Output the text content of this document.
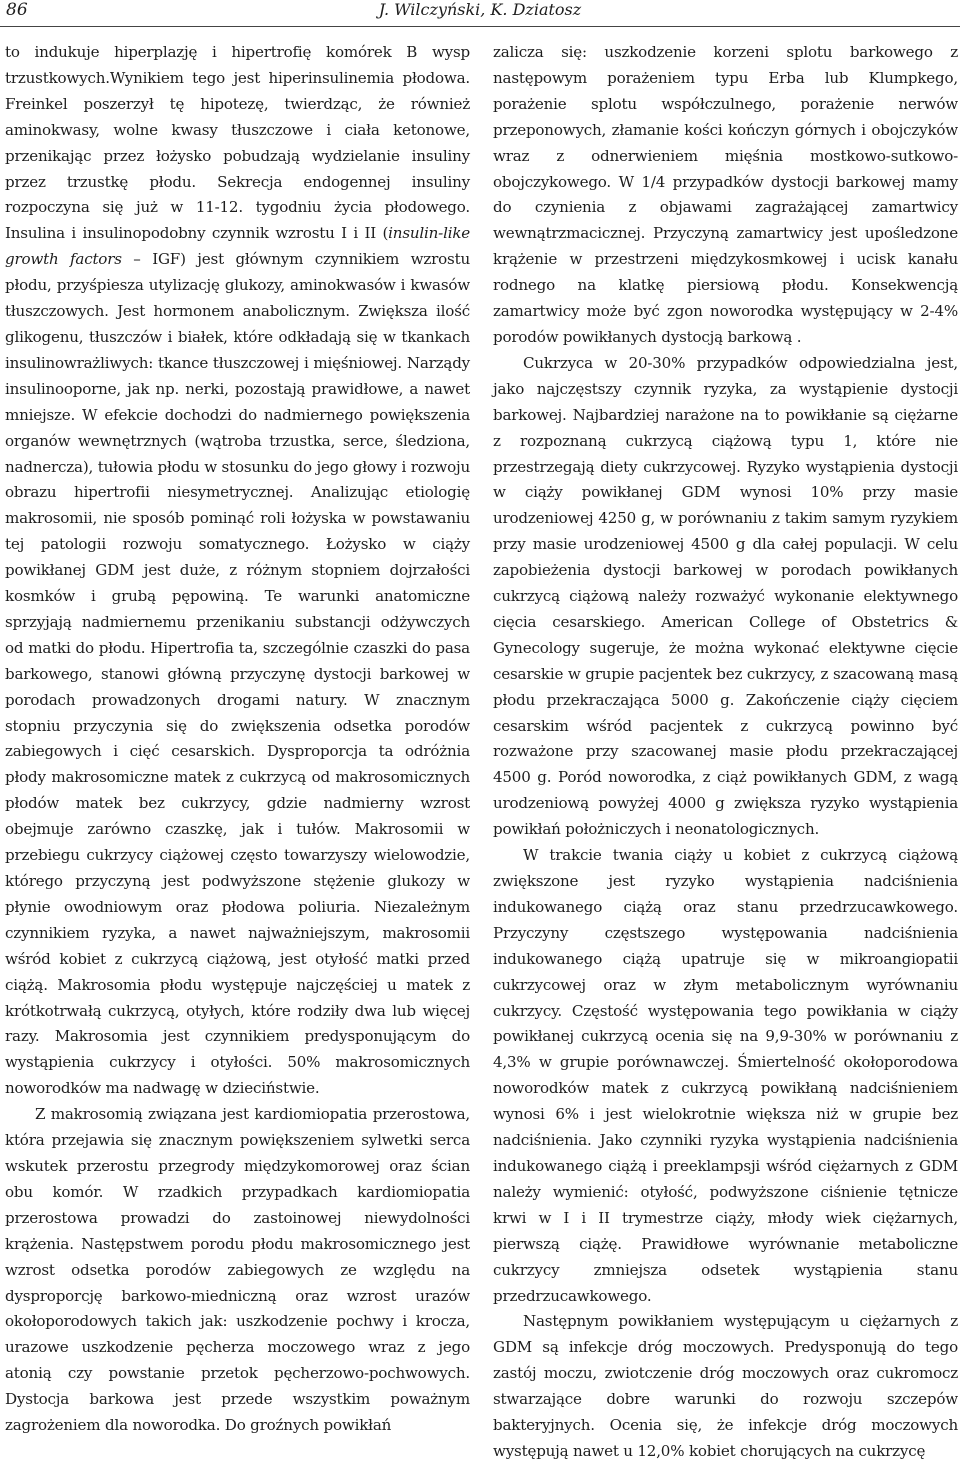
86	J. Wilczyński, K. Dziatosz

to indukuje hiperplazję i hipertrofię komórek B wysp trzustkowych.Wynikiem tego jest hiperinsulinemia płodowa. Freinkel poszerzył tę hipotezę, twierdząc, że również aminokwasy, wolne kwasy tłuszczowe i ciała ketonowe, przenikając przez łożysko pobudzają wydzielanie insuliny przez trzustkę płodu. Sekrecja endogennej insuliny rozpoczyna się już w 11-12. tygodniu życia płodowego. Insulina i insulinopodobny czynnik wzrostu I i II (insulin-like growth factors – IGF) jest głównym czynnikiem wzrostu płodu, przyśpiesza utylizację glukozy, aminokwasów i kwasów tłuszczowych. Jest hormonem anabolicznym. Zwiększa ilość glikogenu, tłuszczów i białek, które odkładają się w tkankach insulinowrażliwych: tkance tłuszczowej i mięśniowej. Narządy insulinooporne, jak np. nerki, pozostają prawidłowe, a nawet mniejsze. W efekcie dochodzi do nadmiernego powiększenia organów wewnętrznych (wątroba trzustka, serce, śledziona, nadnercza), tułowia płodu w stosunku do jego głowy i rozwoju obrazu hipertrofii niesymetrycznej. Analizując etiologię makrosomii, nie sposób pominąć roli łożyska w powstawaniu tej patologii rozwoju somatycznego. Łożysko w ciąży powikłanej GDM jest duże, z różnym stopniem dojrzałości kosmków i grubą pępowiną. Te warunki anatomiczne sprzyjają nadmiernemu przenikaniu substancji odżywczych od matki do płodu. Hipertrofia ta, szczególnie czaszki do pasa barkowego, stanowi główną przyczynę dystocji barkowej w porodach prowadzonych drogami natury. W znacznym stopniu przyczynia się do zwiększenia odsetka porodów zabiegowych i cięć cesarskich. Dysproporcja ta odróżnia płody makrosomiczne matek z cukrzycą od makrosomicznych płodów matek bez cukrzycy, gdzie nadmierny wzrost obejmuje zarówno czaszkę, jak i tułów. Makrosomii w przebiegu cukrzycy ciążowej często towarzyszy wielowodzie, którego przyczyną jest podwyższone stężenie glukozy w płynie owodniowym oraz płodowa poliuria. Niezależnym czynnikiem ryzyka, a nawet najważniejszym, makrosomii wśród kobiet z cukrzycą ciążową, jest otyłość matki przed ciążą. Makrosomia płodu występuje najczęściej u matek z krótkotrwałą cukrzycą, otyłych, które rodziły dwa lub więcej razy. Makrosomia jest czynnikiem predysponującym do wystąpienia cukrzycy i otyłości. 50% makrosomicznych noworodków ma nadwagę w dzieciństwie.

Z makrosomią związana jest kardiomiopatia przerostowa, która przejawia się znacznym powiększeniem sylwetki serca wskutek przerostu przegrody międzykomorowej oraz ścian obu komór. W rzadkich przypadkach kardiomiopatia przerostowa prowadzi do zastoinowej niewydolności krążenia. Następstwem porodu płodu makrosomicznego jest wzrost odsetka porodów zabiegowych ze względu na dysproporcję barkowo-miedniczną oraz wzrost urazów okołoporodowych takich jak: uszkodzenie pochwy i krocza, urazowe uszkodzenie pęcherza moczowego wraz z jego atonią czy powstanie przetok pęcherzowo-pochwowych. Dystocja barkowa jest przede wszystkim poważnym zagrożeniem dla noworodka. Do groźnych powikłań

zalicza się: uszkodzenie korzeni splotu barkowego z następowym porażeniem typu Erba lub Klumpkego, porażenie splotu współczulnego, porażenie nerwów przeponowych, złamanie kości kończyn górnych i obojczyków wraz z odnerwieniem mięśnia mostkowo-sutkowo-obojczykowego. W 1/4 przypadków dystocji barkowej mamy do czynienia z objawami zagrażającej zamartwicy wewnątrzmacicznej. Przyczyną zamartwicy jest upośledzone krążenie w przestrzeni międzykosmkowej i ucisk kanału rodnego na klatkę piersiową płodu. Konsekwencją zamartwicy może być zgon noworodka występujący w 2-4% porodów powikłanych dystocją barkową .

Cukrzyca w 20-30% przypadków odpowiedzialna jest, jako najczęstszy czynnik ryzyka, za wystąpienie dystocji barkowej. Najbardziej narażone na to powikłanie są ciężarne z rozpoznaną cukrzycą ciążową typu 1, które nie przestrzegają diety cukrzycowej. Ryzyko wystąpienia dystocji w ciąży powikłanej GDM wynosi 10% przy masie urodzeniowej 4250 g, w porównaniu z takim samym ryzykiem przy masie urodzeniowej 4500 g dla całej populacji. W celu zapobieżenia dystocji barkowej w porodach powikłanych cukrzycą ciążową należy rozważyć wykonanie elektywnego cięcia cesarskiego. American College of Obstetrics & Gynecology sugeruje, że można wykonać elektywne cięcie cesarskie w grupie pacjentek bez cukrzycy, z szacowaną masą płodu przekraczająca 5000 g. Zakończenie ciąży cięciem cesarskim wśród pacjentek z cukrzycą powinno być rozważone przy szacowanej masie płodu przekraczającej 4500 g. Poród noworodka, z ciąż powikłanych GDM, z wagą urodzeniową powyżej 4000 g zwiększa ryzyko wystąpienia powikłań położniczych i neonatologicznych.

W trakcie twania ciąży u kobiet z cukrzycą ciążową zwiększone jest ryzyko wystąpienia nadciśnienia indukowanego ciążą oraz stanu przedrzucawkowego. Przyczyny częstszego występowania nadciśnienia indukowanego ciążą upatruje się w mikroangiopatii cukrzycowej oraz w złym metabolicznym wyrównaniu cukrzycy. Częstość występowania tego powikłania w ciąży powikłanej cukrzycą ocenia się na 9,9-30% w porównaniu z 4,3% w grupie porównawczej. Śmiertelność okołoporodowa noworodków matek z cukrzycą powikłaną nadciśnieniem wynosi 6% i jest wielokrotnie większa niż w grupie bez nadciśnienia. Jako czynniki ryzyka wystąpienia nadciśnienia indukowanego ciążą i preeklampsji wśród ciężarnych z GDM należy wymienić: otyłość, podwyższone ciśnienie tętnicze krwi w I i II trymestrze ciąży, młody wiek ciężarnych, pierwszą ciążę. Prawidłowe wyrównanie metaboliczne cukrzycy zmniejsza odsetek wystąpienia stanu przedrzucawkowego.

Następnym powikłaniem występującym u ciężarnych z GDM są infekcje dróg moczowych. Predysponują do tego zastój moczu, zwiotczenie dróg moczowych oraz cukromocz stwarzające dobre warunki do rozwoju szczepów bakteryjnych. Ocenia się, że infekcje dróg moczowych występują nawet u 12,0% kobiet chorujących na cukrzycę
